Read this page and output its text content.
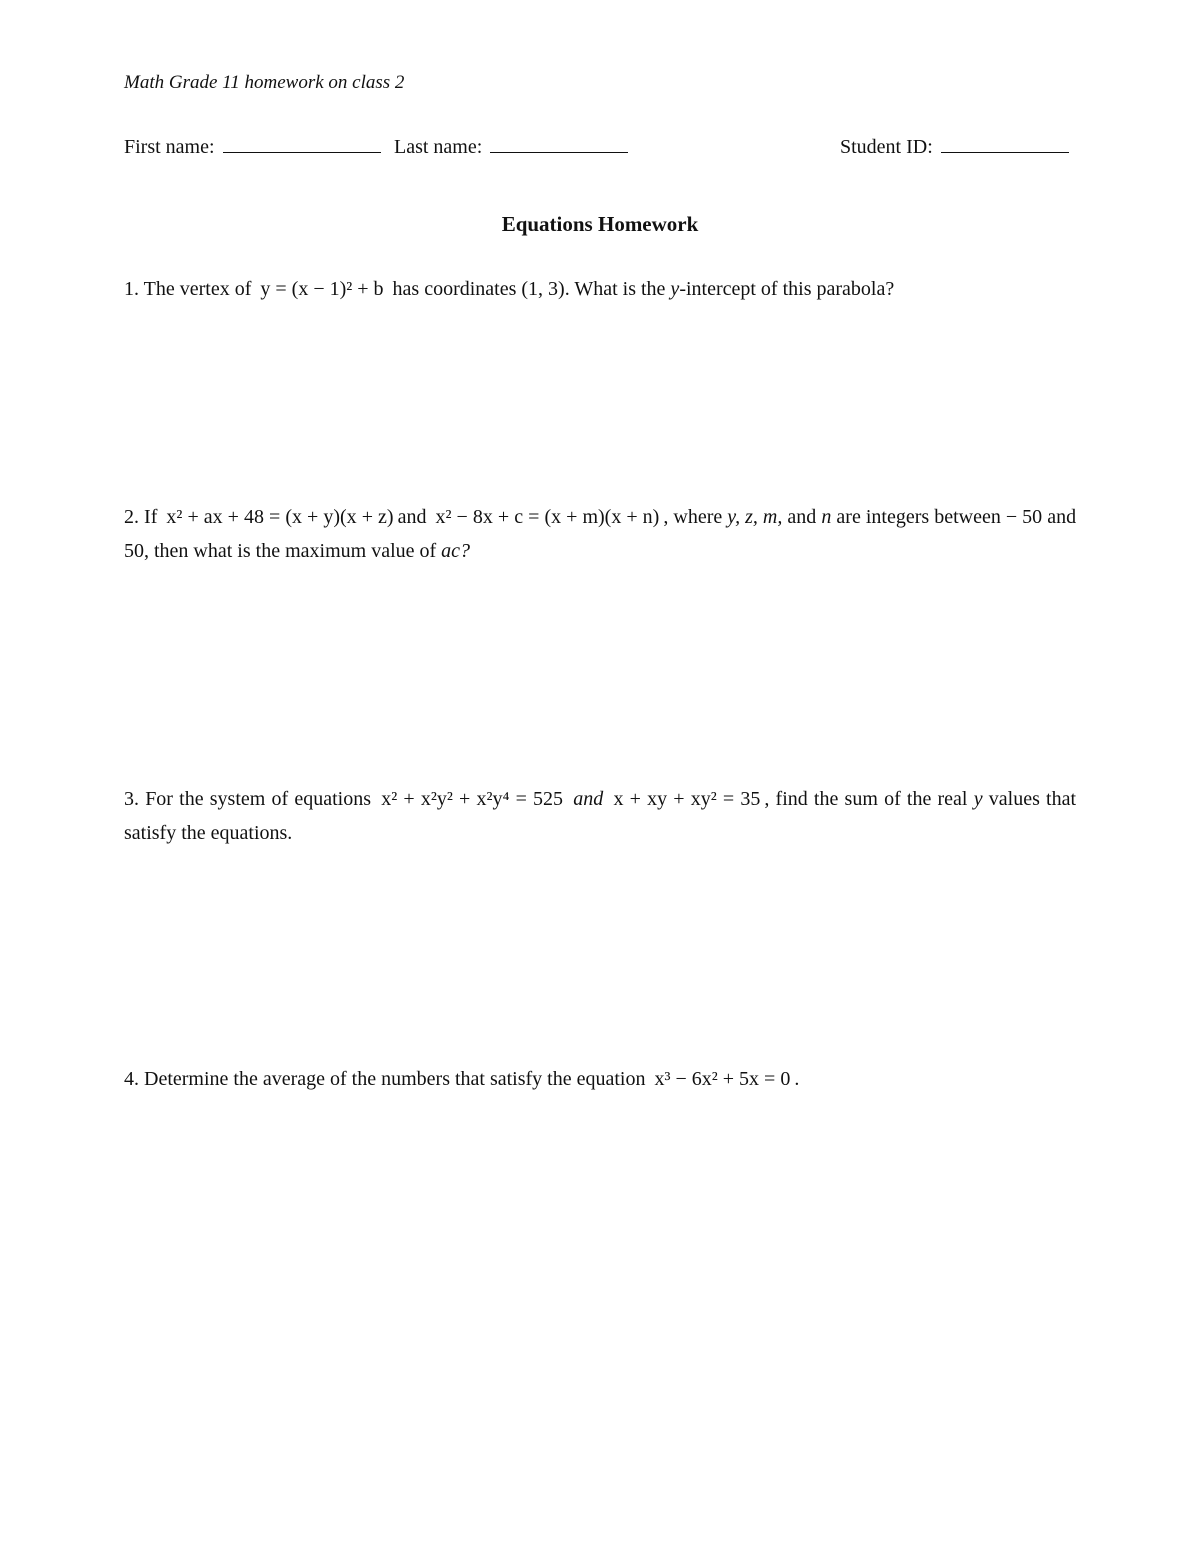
Math Grade 11 homework on class 2
First name:	Last name:	Student ID:
Equations Homework
1. The vertex of y = (x − 1)² + b has coordinates (1, 3). What is the y-intercept of this parabola?
2. If x² + ax + 48 = (x + y)(x + z) and x² − 8x + c = (x + m)(x + n) , where y, z, m, and n are integers between − 50 and 50, then what is the maximum value of ac?
3. For the system of equations x² + x²y² + x²y⁴ = 525 and x + xy + xy² = 35 , find the sum of the real y values that satisfy the equations.
4. Determine the average of the numbers that satisfy the equation x³ − 6x² + 5x = 0 .
